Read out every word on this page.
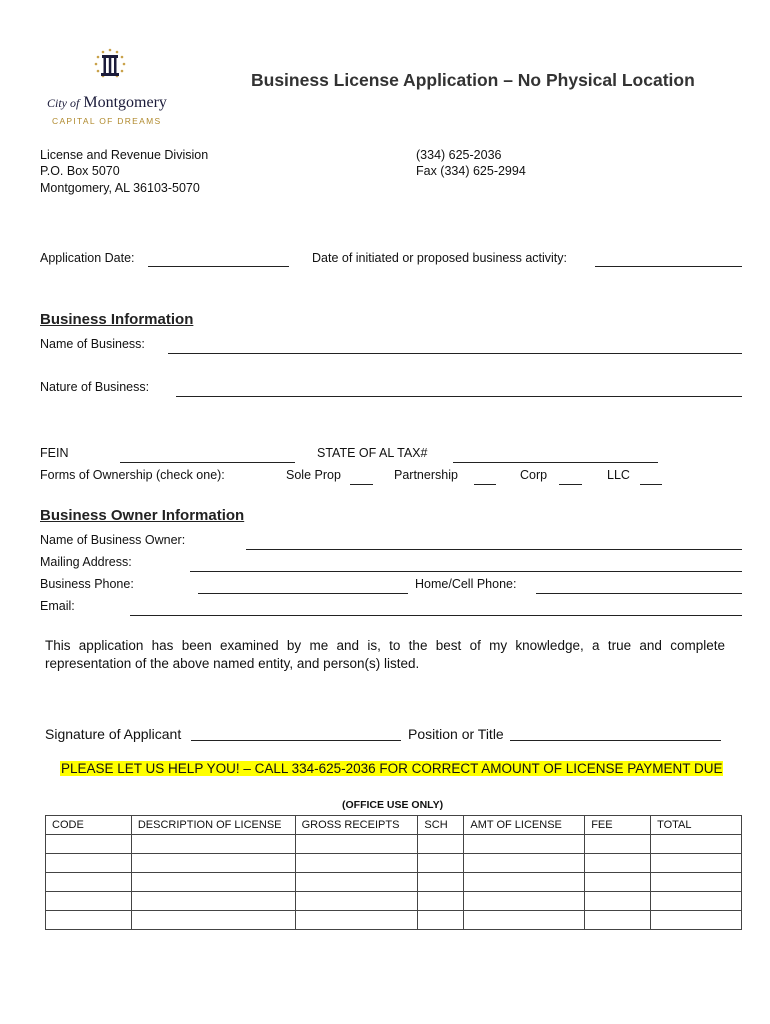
City of Montgomery
CAPITAL OF DREAMS
Business License Application – No Physical Location
License and Revenue Division
P.O. Box 5070
Montgomery, AL 36103-5070
(334) 625-2036
Fax (334) 625-2994
Application Date:	Date of initiated or proposed business activity:
Business Information
Name of Business:
Nature of Business:
FEIN	STATE OF AL TAX#
Forms of Ownership (check one):	Sole Prop	Partnership	Corp	LLC
Business Owner Information
Name of Business Owner:
Mailing Address:
Business Phone:	Home/Cell Phone:
Email:
This application has been examined by me and is, to the best of my knowledge, a true and complete representation of the above named entity, and person(s) listed.
Signature of Applicant	Position or Title
PLEASE LET US HELP YOU! – CALL 334-625-2036 FOR CORRECT AMOUNT OF LICENSE PAYMENT DUE
(OFFICE USE ONLY)
CODE	DESCRIPTION OF LICENSE	GROSS RECEIPTS	SCH	AMT OF LICENSE	FEE	TOTAL
